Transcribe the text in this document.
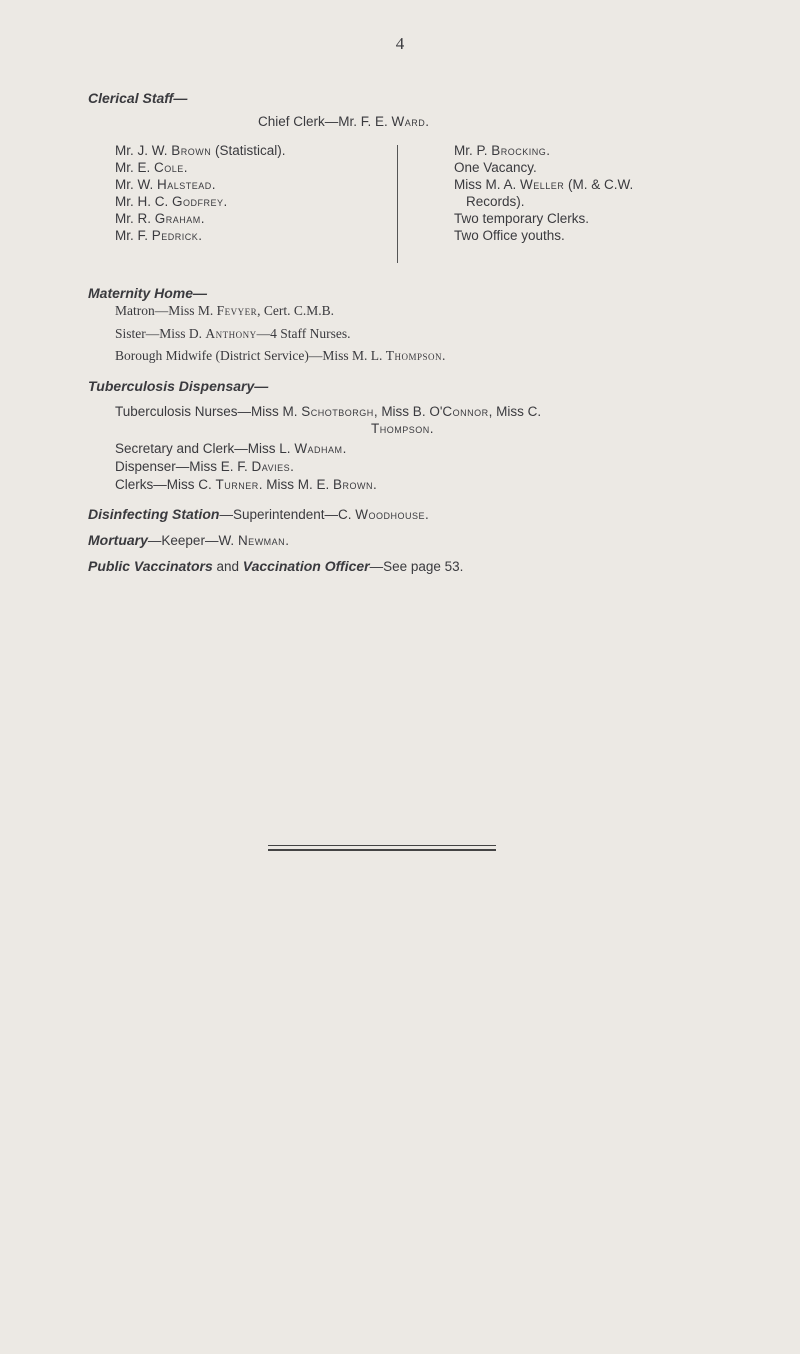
4
Clerical Staff—
Chief Clerk—Mr. F. E. Ward.
Mr. J. W. Brown (Statistical).
Mr. E. Cole.
Mr. W. Halstead.
Mr. H. C. Godfrey.
Mr. R. Graham.
Mr. F. Pedrick.
Mr. P. Brocking.
One Vacancy.
Miss M. A. Weller (M. & C.W.
Records).
Two temporary Clerks.
Two Office youths.
Maternity Home—
Matron—Miss M. Fevyer, Cert. C.M.B.
Sister—Miss D. Anthony—4 Staff Nurses.
Borough Midwife (District Service)—Miss M. L. Thompson.
Tuberculosis Dispensary—
Tuberculosis Nurses—Miss M. Schotborgh, Miss B. O'Connor, Miss C.
Thompson.
Secretary and Clerk—Miss L. Wadham.
Dispenser—Miss E. F. Davies.
Clerks—Miss C. Turner. Miss M. E. Brown.
Disinfecting Station—Superintendent—C. Woodhouse.
Mortuary—Keeper—W. Newman.
Public Vaccinators and Vaccination Officer—See page 53.
